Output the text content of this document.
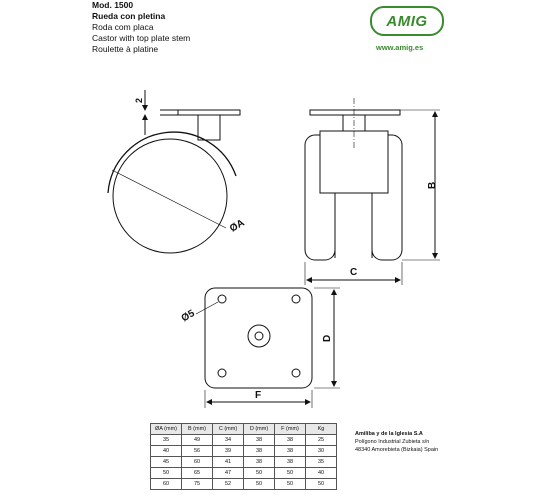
Mod. 1500
Rueda con pletina
Roda com placa
Castor with top plate stem
Roulette à platine
AMIG
www.amig.es
2
ØA
B
C
D
F
Ø5
ØA (mm)	B (mm)	C (mm)	D (mm)	F (mm)	Kg
35	49	34	38	38	25
40	56	39	38	38	30
45	60	41	38	38	35
50	65	47	50	50	40
60	75	52	50	50	50
Amiliba y de la Iglesia S.A
Polígono Industrial Zubieta s/n
48340 Amorebieta (Bizkaia) Spain
